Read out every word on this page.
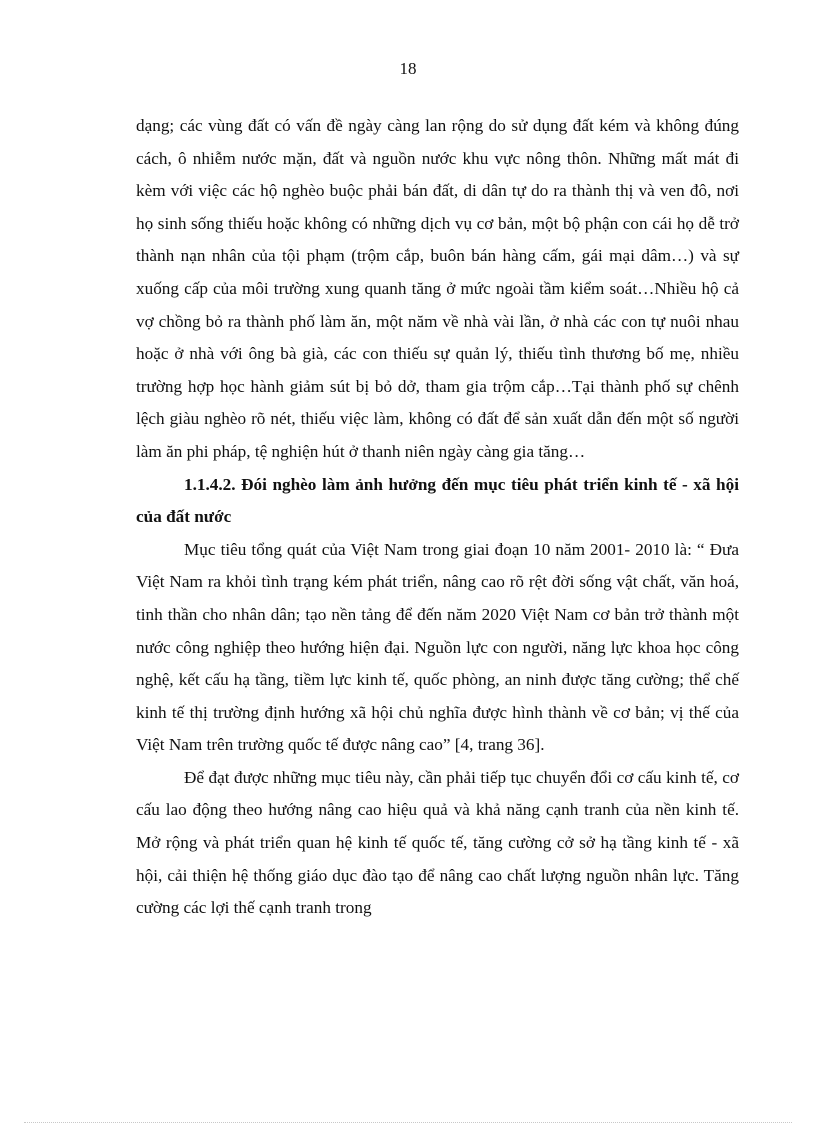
18

dạng; các vùng đất có vấn đề ngày càng lan rộng do sử dụng đất kém và không đúng cách, ô nhiễm nước mặn, đất và nguồn nước khu vực nông thôn. Những mất mát đi kèm với việc các hộ nghèo buộc phải bán đất, di dân tự do ra thành thị và ven đô, nơi họ sinh sống thiếu hoặc không có những dịch vụ cơ bản, một bộ phận con cái họ dễ trở thành nạn nhân của tội phạm (trộm cắp, buôn bán hàng cấm, gái mại dâm…) và sự xuống cấp của môi trường xung quanh tăng ở mức ngoài tầm kiểm soát…Nhiều hộ cả vợ chồng bỏ ra thành phố làm ăn, một năm về nhà vài lần, ở nhà các con tự nuôi nhau hoặc ở nhà với ông bà già, các con thiếu sự quản lý, thiếu tình thương bố mẹ, nhiều trường hợp học hành giảm sút bị bỏ dở, tham gia trộm cắp…Tại thành phố sự chênh lệch giàu nghèo rõ nét, thiếu việc làm, không có đất để sản xuất dẫn đến một số người làm ăn phi pháp, tệ nghiện hút ở thanh niên ngày càng gia tăng…

1.1.4.2. Đói nghèo làm ảnh hưởng đến mục tiêu phát triển kinh tế - xã hội của đất nước

Mục tiêu tổng quát của Việt Nam trong giai đoạn 10 năm 2001- 2010 là: “ Đưa Việt Nam ra khỏi tình trạng kém phát triển, nâng cao rõ rệt đời sống vật chất, văn hoá, tinh thần cho nhân dân; tạo nền tảng để đến năm 2020 Việt Nam cơ bản trở thành một nước công nghiệp theo hướng hiện đại. Nguồn lực con người, năng lực khoa học công nghệ, kết cấu hạ tầng, tiềm lực kinh tế, quốc phòng, an ninh được tăng cường; thể chế kinh tế thị trường định hướng xã hội chủ nghĩa được hình thành về cơ bản; vị thế của Việt Nam trên trường quốc tế được nâng cao” [4, trang 36].

Để đạt được những mục tiêu này, cần phải tiếp tục chuyển đổi cơ cấu kinh tế, cơ cấu lao động theo hướng nâng cao hiệu quả và khả năng cạnh tranh của nền kinh tế. Mở rộng và phát triển quan hệ kinh tế quốc tế, tăng cường cở sở hạ tầng kinh tế - xã hội, cải thiện hệ thống giáo dục đào tạo để nâng cao chất lượng nguồn nhân lực. Tăng cường các lợi thế cạnh tranh trong
